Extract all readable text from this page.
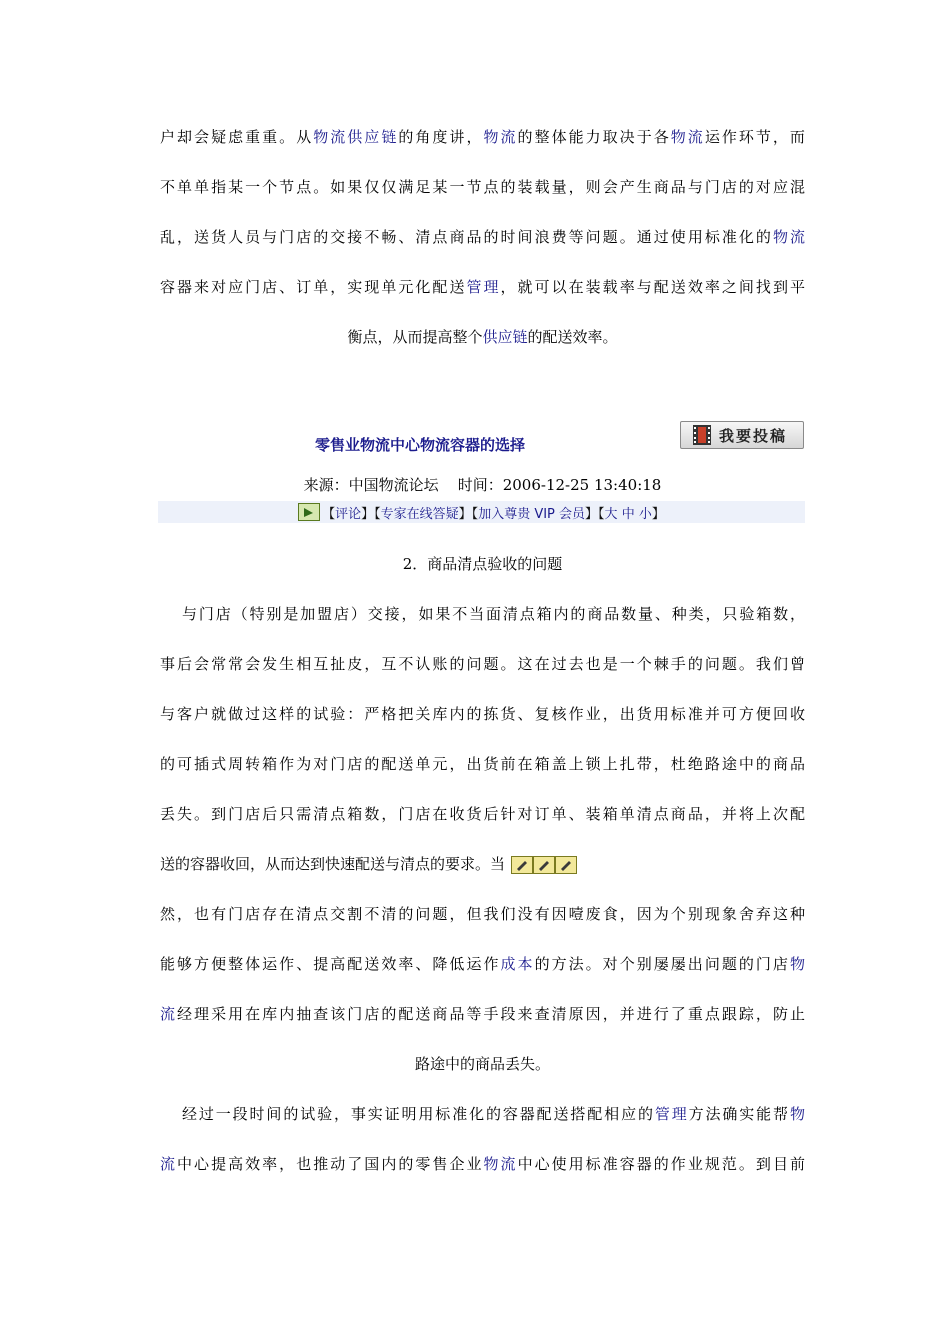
户却会疑虑重重。从物流供应链的角度讲，物流的整体能力取决于各物流运作环节，而
不单单指某一个节点。如果仅仅满足某一节点的装载量，则会产生商品与门店的对应混
乱，送货人员与门店的交接不畅、清点商品的时间浪费等问题。通过使用标准化的物流
容器来对应门店、订单，实现单元化配送管理，就可以在装载率与配送效率之间找到平
衡点，从而提高整个供应链的配送效率。
零售业物流中心物流容器的选择
我要投稿
来源：中国物流论坛    时间：2006-12-25 13:40:18
【 评论 】【 专家在线答疑 】【 加入尊贵 VIP 会员 】【 大
中
小 】
2．商品清点验收的问题
与门店（特别是加盟店）交接，如果不当面清点箱内的商品数量、种类，只验箱数，
事后会常常会发生相互扯皮，互不认账的问题。这在过去也是一个棘手的问题。我们曾
与客户就做过这样的试验：严格把关库内的拣货、复核作业，出货用标准并可方便回收
的可插式周转箱作为对门店的配送单元，出货前在箱盖上锁上扎带，杜绝路途中的商品
丢失。到门店后只需清点箱数，门店在收货后针对订单、装箱单清点商品，并将上次配
送的容器收回，从而达到快速配送与清点的要求。当
然，也有门店存在清点交割不清的问题，但我们没有因噎废食，因为个别现象舍弃这种
能够方便整体运作、提高配送效率、降低运作成本的方法。对个别屡屡出问题的门店物
流经理采用在库内抽查该门店的配送商品等手段来查清原因，并进行了重点跟踪，防止
路途中的商品丢失。
经过一段时间的试验，事实证明用标准化的容器配送搭配相应的管理方法确实能帮物
流中心提高效率，也推动了国内的零售企业物流中心使用标准容器的作业规范。到目前
